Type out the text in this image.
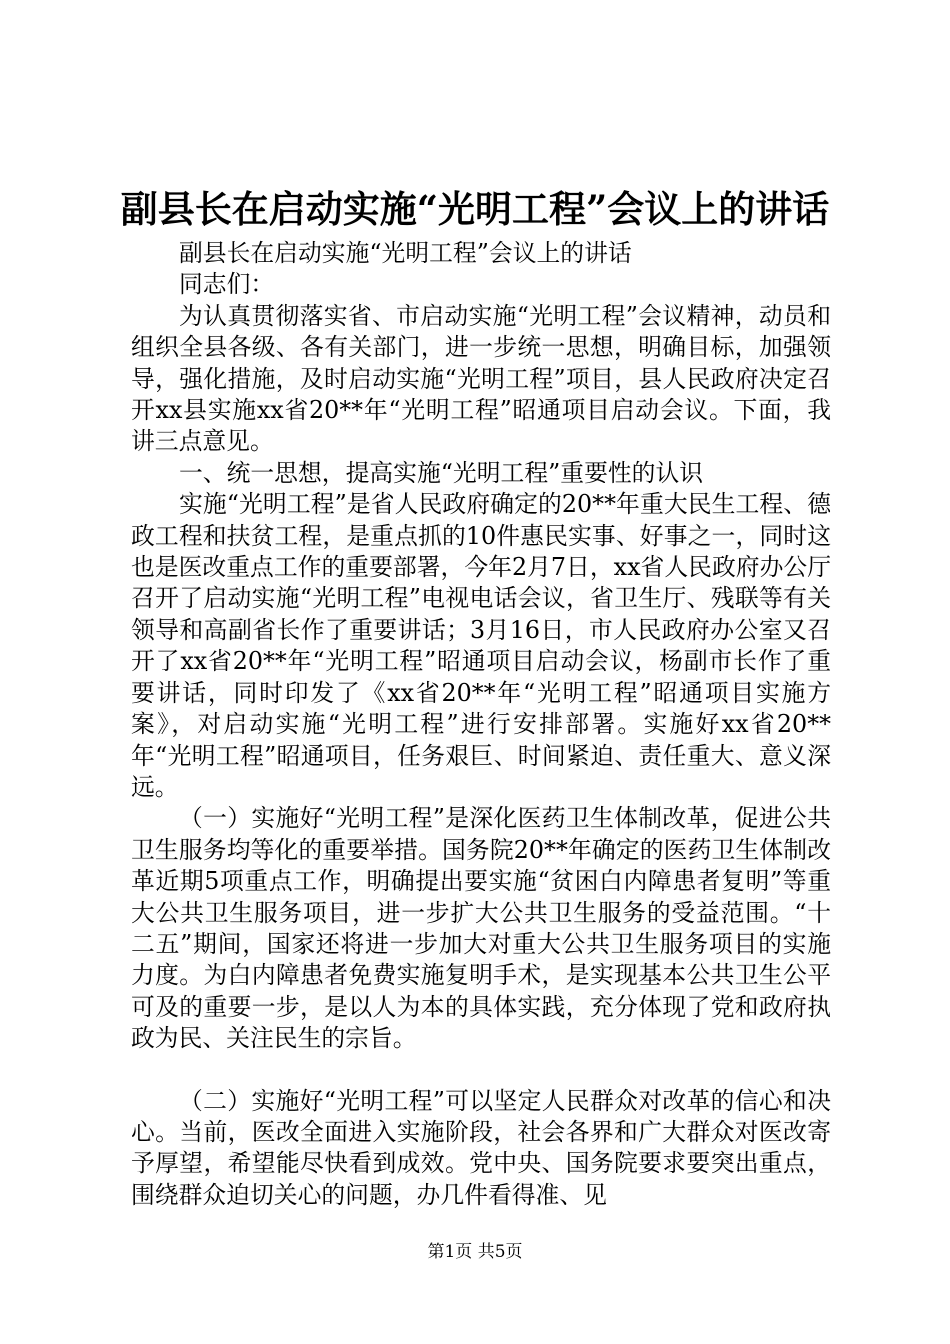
副县长在启动实施“光明工程”会议上的讲话

副县长在启动实施“光明工程”会议上的讲话

同志们：

为认真贯彻落实省、市启动实施“光明工程”会议精神，动员和组织全县各级、各有关部门，进一步统一思想，明确目标，加强领导，强化措施，及时启动实施“光明工程”项目，县人民政府决定召开xx县实施xx省20**年“光明工程”昭通项目启动会议。下面，我讲三点意见。

一、统一思想，提高实施“光明工程”重要性的认识

实施“光明工程”是省人民政府确定的20**年重大民生工程、德政工程和扶贫工程，是重点抓的10件惠民实事、好事之一，同时这也是医改重点工作的重要部署，今年2月7日，xx省人民政府办公厅召开了启动实施“光明工程”电视电话会议，省卫生厅、残联等有关领导和高副省长作了重要讲话；3月16日，市人民政府办公室又召开了xx省20**年“光明工程”昭通项目启动会议，杨副市长作了重要讲话，同时印发了《xx省20**年“光明工程”昭通项目实施方案》，对启动实施“光明工程”进行安排部署。实施好xx省20**年“光明工程”昭通项目，任务艰巨、时间紧迫、责任重大、意义深远。

（一）实施好“光明工程”是深化医药卫生体制改革，促进公共卫生服务均等化的重要举措。国务院20**年确定的医药卫生体制改革近期5项重点工作，明确提出要实施“贫困白内障患者复明”等重大公共卫生服务项目，进一步扩大公共卫生服务的受益范围。“十二五”期间，国家还将进一步加大对重大公共卫生服务项目的实施力度。为白内障患者免费实施复明手术，是实现基本公共卫生公平可及的重要一步，是以人为本的具体实践，充分体现了党和政府执政为民、关注民生的宗旨。

（二）实施好“光明工程”可以坚定人民群众对改革的信心和决心。当前，医改全面进入实施阶段，社会各界和广大群众对医改寄予厚望，希望能尽快看到成效。党中央、国务院要求要突出重点，围绕群众迫切关心的问题，办几件看得准、见

第1页 共5页
